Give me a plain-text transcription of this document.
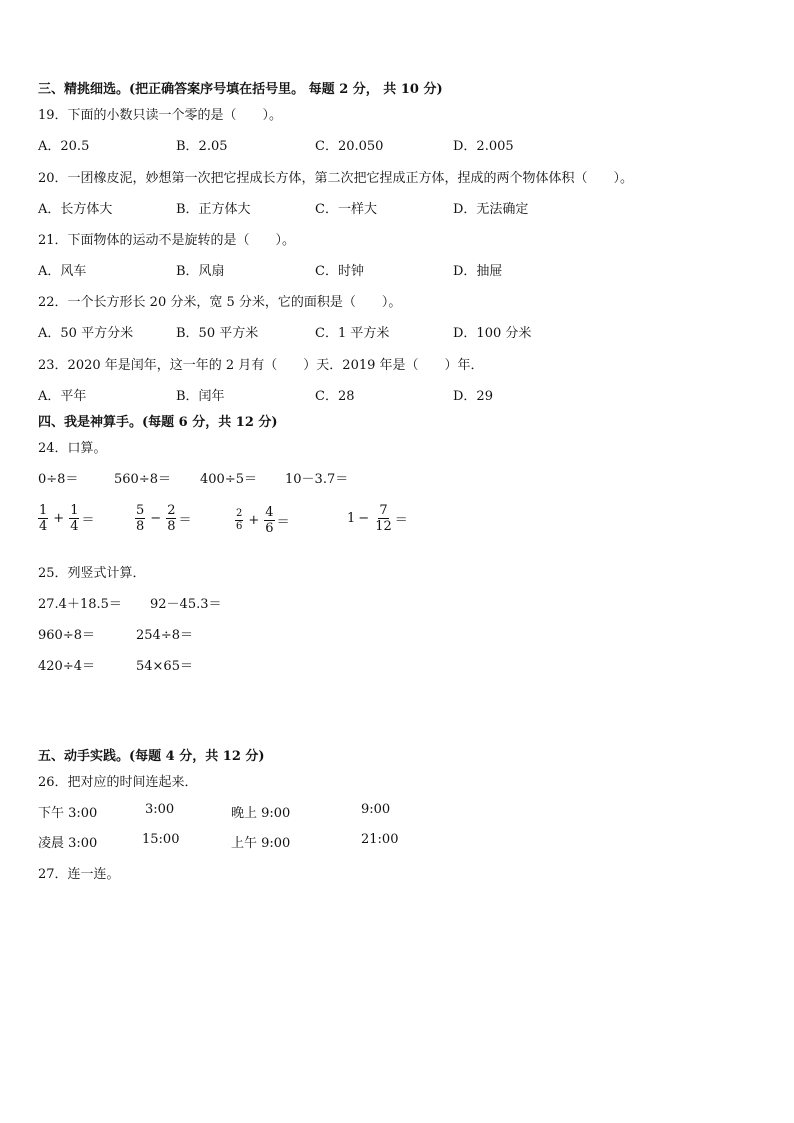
三、精挑细选。(把正确答案序号填在括号里。 每题 2 分， 共 10 分)
19．下面的小数只读一个零的是（　　）。
A．20.5	B．2.05	C．20.050	D．2.005
20．一团橡皮泥，妙想第一次把它捏成长方体，第二次把它捏成正方体，捏成的两个物体体积（　　）。
A．长方体大	B．正方体大	C．一样大	D．无法确定
21．下面物体的运动不是旋转的是（　　）。
A．风车	B．风扇	C．时钟	D．抽屉
22．一个长方形长 20 分米，宽 5 分米，它的面积是（　　）。
A．50 平方分米	B．50 平方米	C．1 平方米	D．100 分米
23．2020 年是闰年，这一年的 2 月有（　　）天．2019 年是（　　）年．
A．平年	B．闰年	C．28	D．29
四、我是神算手。(每题 6 分，共 12 分)
24．口算。
0÷8＝	560÷8＝ 400÷5＝ 10－3.7＝
$\frac{1}{4} + \frac{1}{4}$ ＝	$\frac{5}{8} - \frac{2}{8}$ ＝	$\frac{2}{6} + \frac{4}{6}$ ＝	$1 - \frac{7}{12}$ ＝
25．列竖式计算．
27.4＋18.5＝ 92－45.3＝
960÷8＝	254÷8＝
420÷4＝	54×65＝
五、动手实践。(每题 4 分，共 12 分)
26．把对应的时间连起来．
下午 3:00	3:00	晚上 9:00	9:00
凌晨 3:00	15:00	上午 9:00	21:00
27．连一连。
